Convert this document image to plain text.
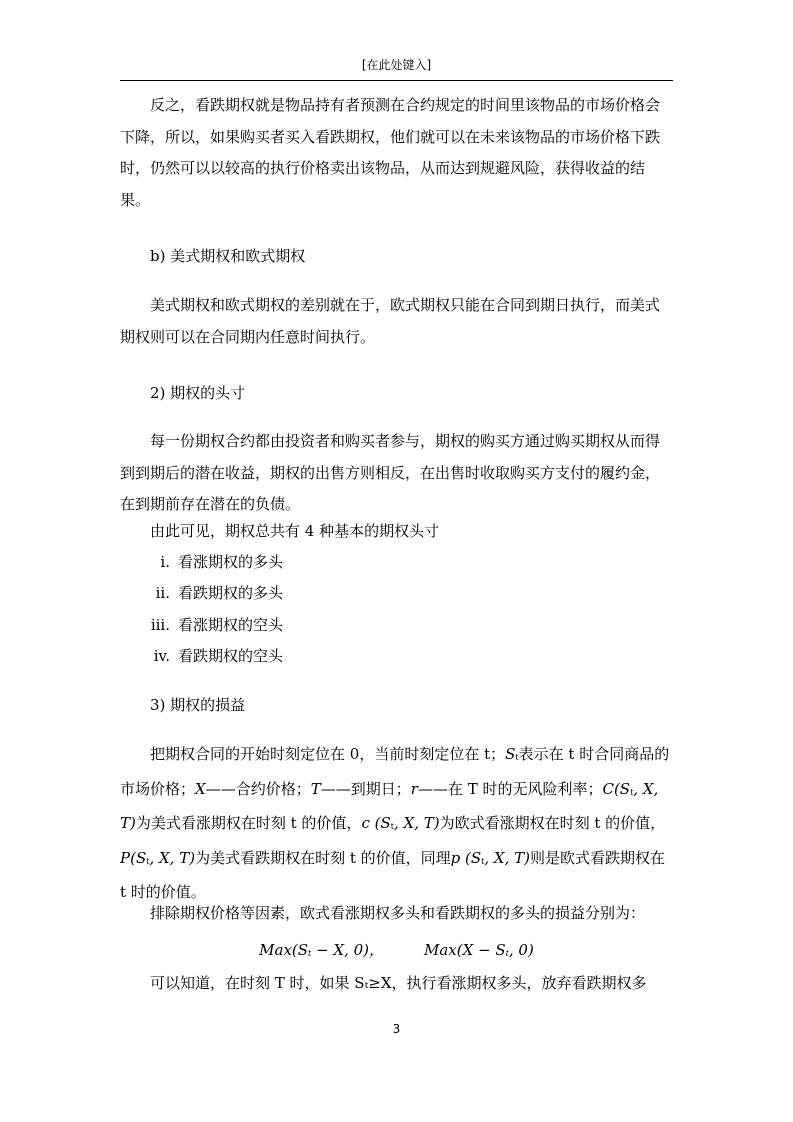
[在此处键入]

反之，看跌期权就是物品持有者预测在合约规定的时间里该物品的市场价格会下降，所以，如果购买者买入看跌期权，他们就可以在未来该物品的市场价格下跌时，仍然可以以较高的执行价格卖出该物品，从而达到规避风险，获得收益的结果。

b) 美式期权和欧式期权

美式期权和欧式期权的差别就在于，欧式期权只能在合同到期日执行，而美式期权则可以在合同期内任意时间执行。

2) 期权的头寸

每一份期权合约都由投资者和购买者参与，期权的购买方通过购买期权从而得到到期后的潜在收益，期权的出售方则相反，在出售时收取购买方支付的履约金，在到期前存在潜在的负债。

由此可见，期权总共有 4 种基本的期权头寸

i. 看涨期权的多头
ii. 看跌期权的多头
iii. 看涨期权的空头
iv. 看跌期权的空头

3) 期权的损益

把期权合同的开始时刻定位在 0，当前时刻定位在 t；St表示在 t 时合同商品的市场价格；X——合约价格；T——到期日；r——在 T 时的无风险利率；C(St, X, T)为美式看涨期权在时刻 t 的价值，c (St, X, T)为欧式看涨期权在时刻 t 的价值，P(St, X, T)为美式看跌期权在时刻 t 的价值，同理p (St, X, T)则是欧式看跌期权在 t 时的价值。

排除期权价格等因素，欧式看涨期权多头和看跌期权的多头的损益分别为：

Max(St − X, 0)，	Max(X − St, 0)

可以知道，在时刻 T 时，如果 Sₜ≥X，执行看涨期权多头，放弃看跌期权多

3
